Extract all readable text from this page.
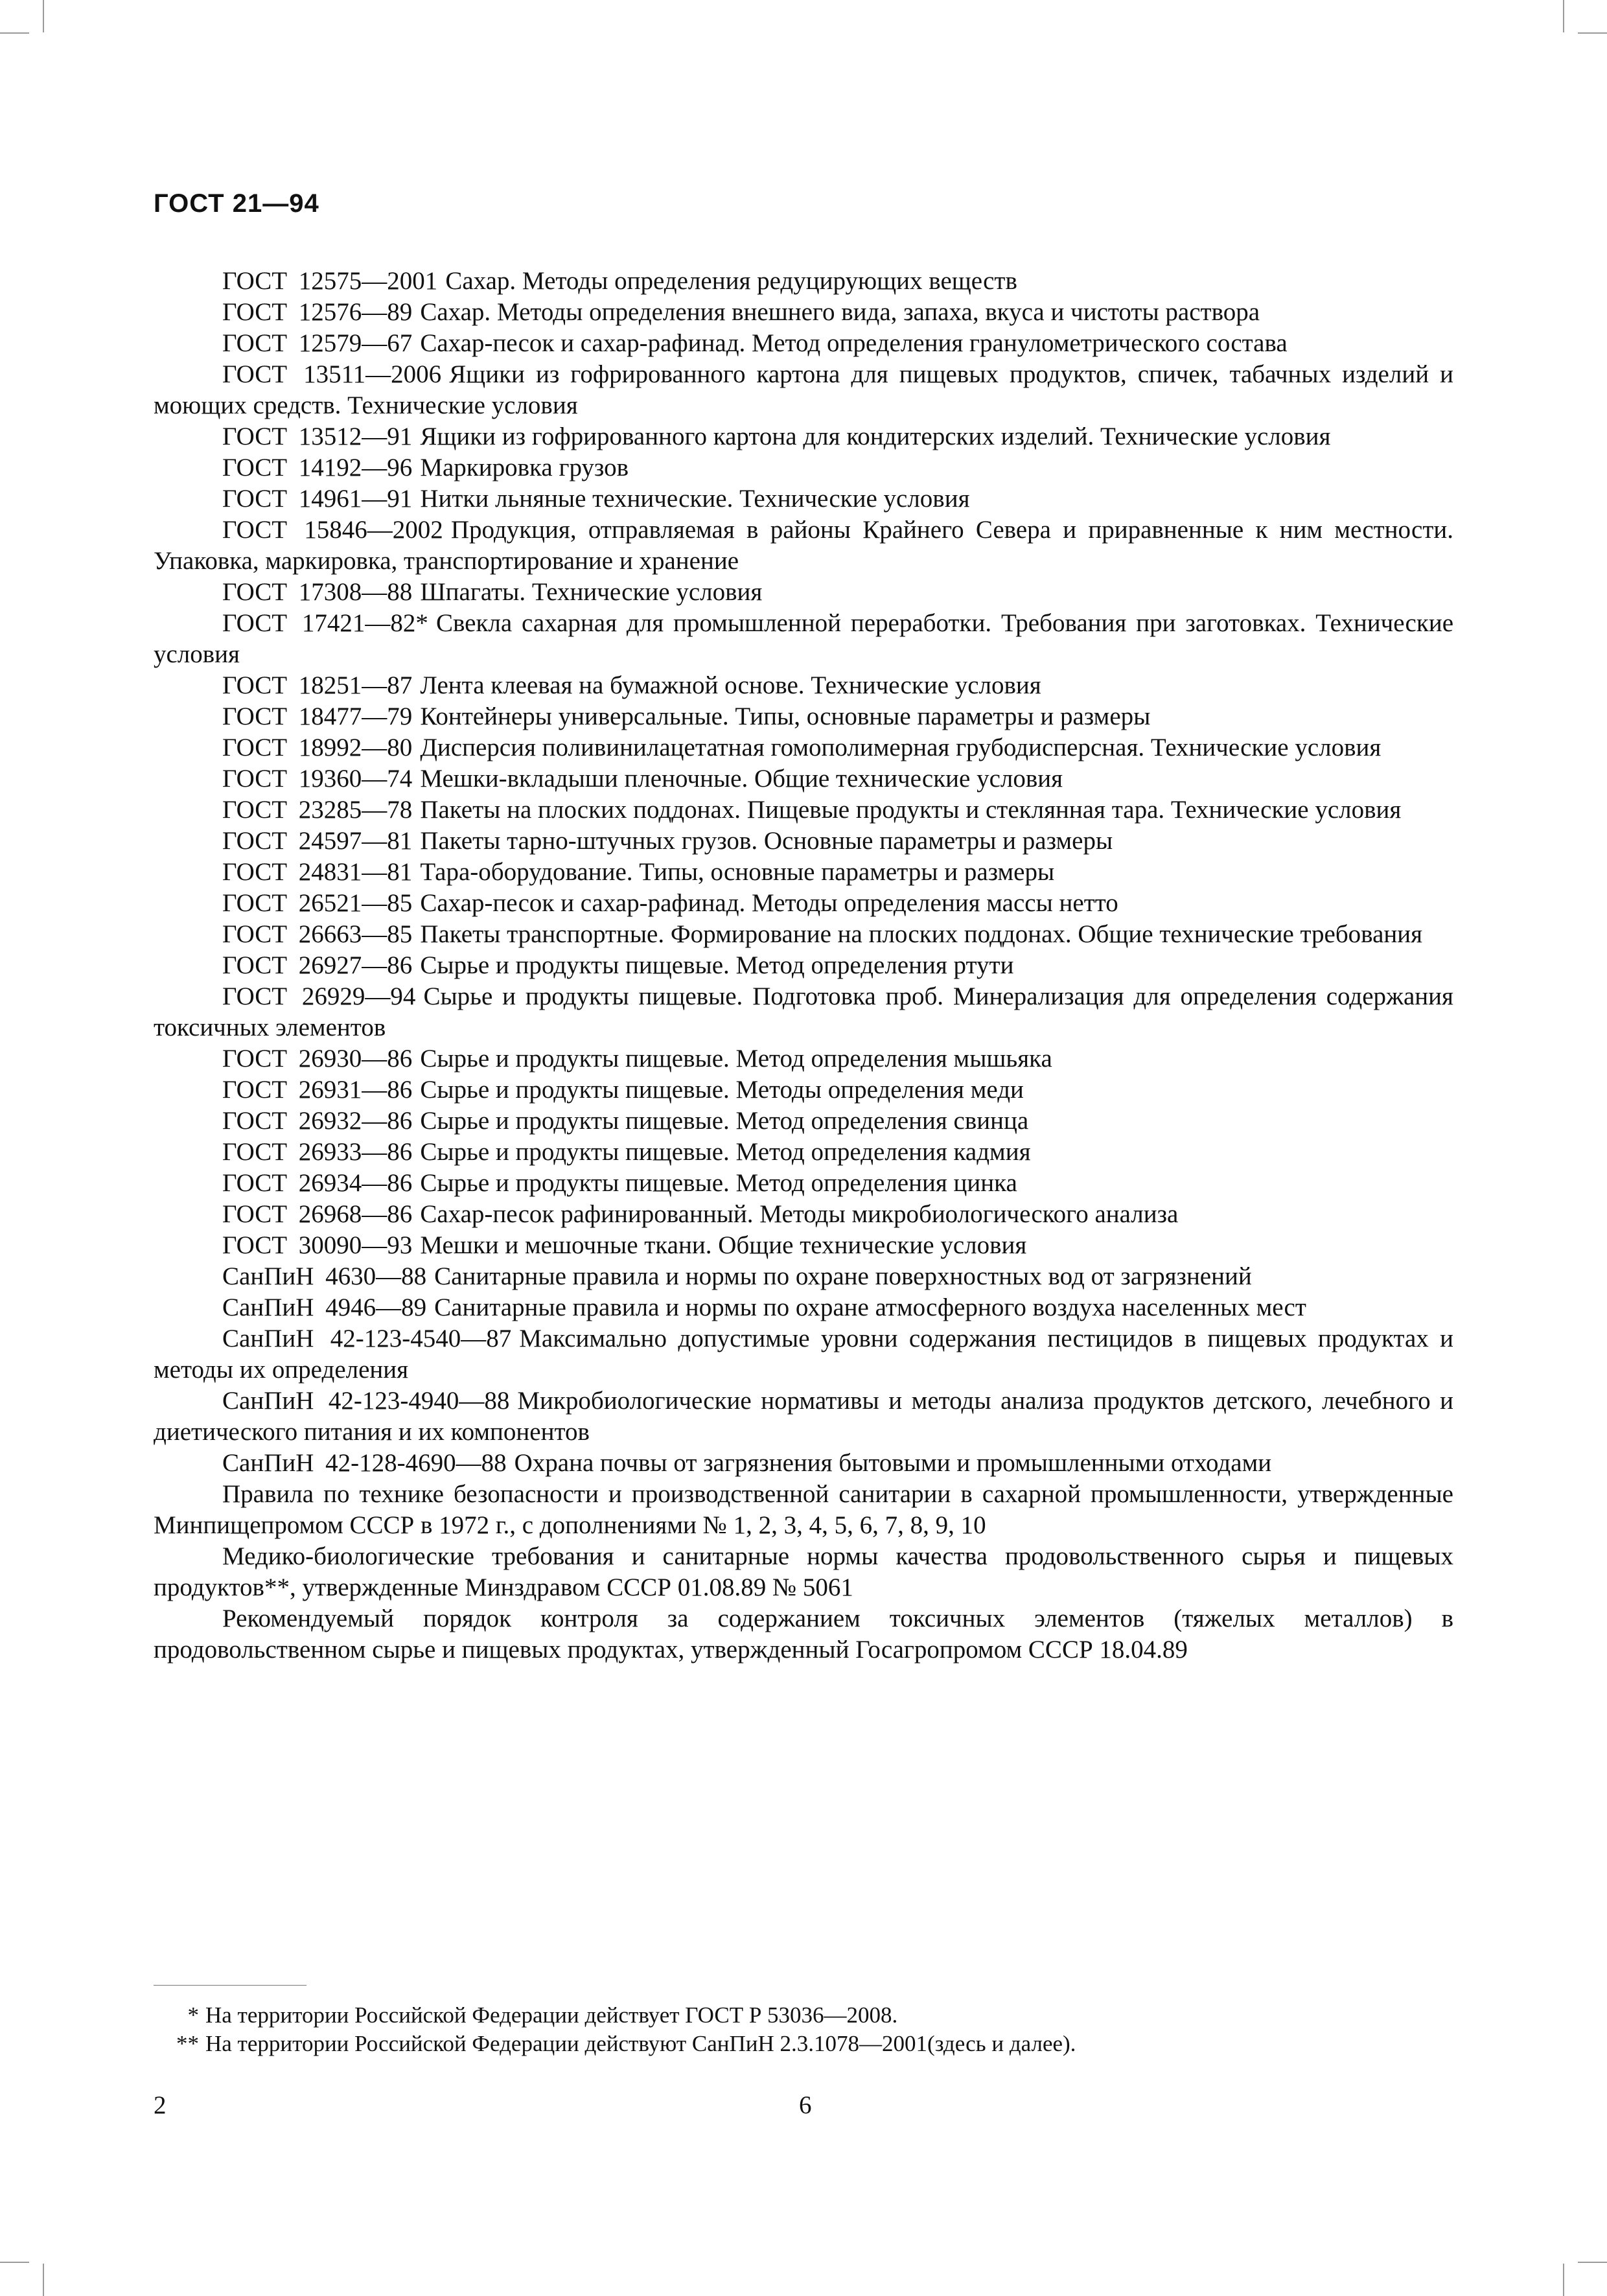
ГОСТ 21—94

ГОСТ 12575—2001 Сахар. Методы определения редуцирующих веществ

ГОСТ 12576—89 Сахар. Методы определения внешнего вида, запаха, вкуса и чистоты раствора

ГОСТ 12579—67 Сахар-песок и сахар-рафинад. Метод определения гранулометрического состава

ГОСТ 13511—2006 Ящики из гофрированного картона для пищевых продуктов, спичек, табачных изделий и моющих средств. Технические условия

ГОСТ 13512—91 Ящики из гофрированного картона для кондитерских изделий. Технические условия

ГОСТ 14192—96 Маркировка грузов

ГОСТ 14961—91 Нитки льняные технические. Технические условия

ГОСТ 15846—2002 Продукция, отправляемая в районы Крайнего Севера и приравненные к ним местности. Упаковка, маркировка, транспортирование и хранение

ГОСТ 17308—88 Шпагаты. Технические условия

ГОСТ 17421—82* Свекла сахарная для промышленной переработки. Требования при заготовках. Технические условия

ГОСТ 18251—87 Лента клеевая на бумажной основе. Технические условия

ГОСТ 18477—79 Контейнеры универсальные. Типы, основные параметры и размеры

ГОСТ 18992—80 Дисперсия поливинилацетатная гомополимерная грубодисперсная. Технические условия

ГОСТ 19360—74 Мешки-вкладыши пленочные. Общие технические условия

ГОСТ 23285—78 Пакеты на плоских поддонах. Пищевые продукты и стеклянная тара. Технические условия

ГОСТ 24597—81 Пакеты тарно-штучных грузов. Основные параметры и размеры

ГОСТ 24831—81 Тара-оборудование. Типы, основные параметры и размеры

ГОСТ 26521—85 Сахар-песок и сахар-рафинад. Методы определения массы нетто

ГОСТ 26663—85 Пакеты транспортные. Формирование на плоских поддонах. Общие технические требования

ГОСТ 26927—86 Сырье и продукты пищевые. Метод определения ртути

ГОСТ 26929—94 Сырье и продукты пищевые. Подготовка проб. Минерализация для определения содержания токсичных элементов

ГОСТ 26930—86 Сырье и продукты пищевые. Метод определения мышьяка

ГОСТ 26931—86 Сырье и продукты пищевые. Методы определения меди

ГОСТ 26932—86 Сырье и продукты пищевые. Метод определения свинца

ГОСТ 26933—86 Сырье и продукты пищевые. Метод определения кадмия

ГОСТ 26934—86 Сырье и продукты пищевые. Метод определения цинка

ГОСТ 26968—86 Сахар-песок рафинированный. Методы микробиологического анализа

ГОСТ 30090—93 Мешки и мешочные ткани. Общие технические условия

СанПиН 4630—88 Санитарные правила и нормы по охране поверхностных вод от загрязнений

СанПиН 4946—89 Санитарные правила и нормы по охране атмосферного воздуха населенных мест

СанПиН 42-123-4540—87 Максимально допустимые уровни содержания пестицидов в пищевых продуктах и методы их определения

СанПиН 42-123-4940—88 Микробиологические нормативы и методы анализа продуктов детского, лечебного и диетического питания и их компонентов

СанПиН 42-128-4690—88 Охрана почвы от загрязнения бытовыми и промышленными отходами

Правила по технике безопасности и производственной санитарии в сахарной промышленности, утвержденные Минпищепромом СССР в 1972 г., с дополнениями № 1, 2, 3, 4, 5, 6, 7, 8, 9, 10

Медико-биологические требования и санитарные нормы качества продовольственного сырья и пищевых продуктов**, утвержденные Минздравом СССР 01.08.89 № 5061

Рекомендуемый порядок контроля за содержанием токсичных элементов (тяжелых металлов) в продовольственном сырье и пищевых продуктах, утвержденный Госагропромом СССР 18.04.89

* На территории Российской Федерации действует ГОСТ Р 53036—2008.

** На территории Российской Федерации действуют СанПиН 2.3.1078—2001(здесь и далее).

2	6
